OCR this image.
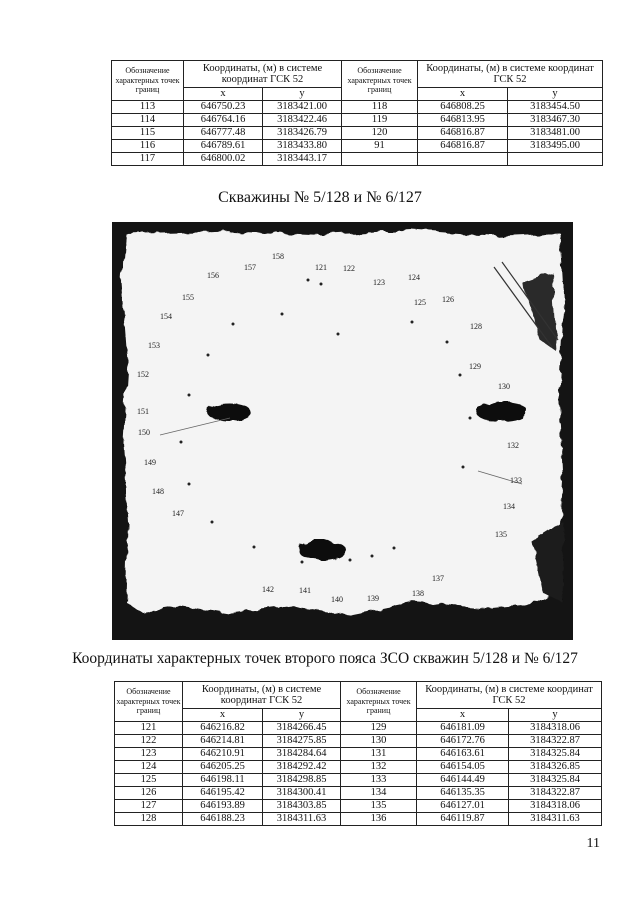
Обозначение характерных точек границ	Координаты, (м) в системе координат ГСК 52		Обозначение характерных точек границ	Координаты, (м) в системе координат ГСК 52	
	x	y		x	y
113	646750.23	3183421.00	118	646808.25	3183454.50
114	646764.16	3183422.46	119	646813.95	3183467.30
115	646777.48	3183426.79	120	646816.87	3183481.00
116	646789.61	3183433.80	91	646816.87	3183495.00
117	646800.02	3183443.17			
Скважины № 5/128 и № 6/127
121 122
123
124
125 126
128
129
130
132
133
134
135
137
138
139
140
141
142
147
148
149
150
151
152
153
154
155
156
157
158
Координаты характерных точек второго пояса ЗСО скважин 5/128 и № 6/127
Обозначение характерных точек границ	Координаты, (м) в системе координат ГСК 52		Обозначение характерных точек границ	Координаты, (м) в системе координат ГСК 52	
	x	y		x	y
121	646216.82	3184266.45	129	646181.09	3184318.06
122	646214.81	3184275.85	130	646172.76	3184322.87
123	646210.91	3184284.64	131	646163.61	3184325.84
124	646205.25	3184292.42	132	646154.05	3184326.85
125	646198.11	3184298.85	133	646144.49	3184325.84
126	646195.42	3184300.41	134	646135.35	3184322.87
127	646193.89	3184303.85	135	646127.01	3184318.06
128	646188.23	3184311.63	136	646119.87	3184311.63
11
